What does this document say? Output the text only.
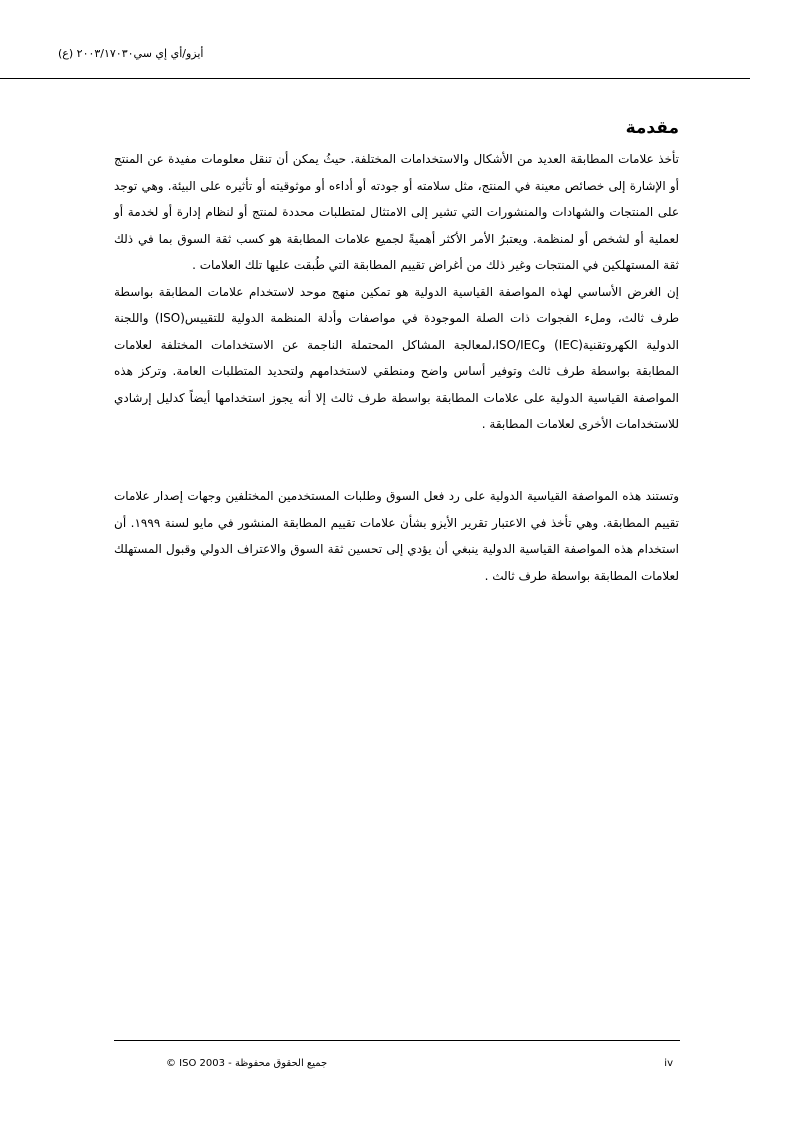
أيزو/أي إي سي٢٠٠٣/١٧٠٣٠ (ع)
مقدمة

تأخذ علامات المطابقة العديد من الأشكال والاستخدامات المختلفة. حيثُ يمكن أن تنقل معلومات مفيدة عن المنتج أو الإشارة إلى خصائص معينة في المنتج، مثل سلامته أو جودته أو أداءه أو موثوقيته أو تأثيره على البيئة. وهي توجد على المنتجات والشهادات والمنشورات التي تشير إلى الامتثال لمتطلبات محددة لمنتج أو لنظام إدارة أو لخدمة أو لعملية أو لشخص أو لمنظمة. ويعتبرُ الأمر الأكثر أهميةً لجميع علامات المطابقة هو كسب ثقة السوق بما في ذلك ثقة المستهلكين في المنتجات وغير ذلك من أغراض تقييم المطابقة التي طُبقت عليها تلك العلامات .

إن الغرض الأساسي لهذه المواصفة القياسية الدولية هو تمكين منهج موحد لاستخدام علامات المطابقة بواسطة طرف ثالث، وملء الفجوات ذات الصلة الموجودة في مواصفات وأدلة المنظمة الدولية للتقييس(ISO) واللجنة الدولية الكهروتقنية(IEC) وISO/IEC،لمعالجة المشاكل المحتملة الناجمة عن الاستخدامات المختلفة لعلامات المطابقة بواسطة طرف ثالث وتوفير أساس واضح ومنطقي لاستخدامهم ولتحديد المتطلبات العامة. وتركز هذه المواصفة القياسية الدولية على علامات المطابقة بواسطة طرف ثالث إلا أنه يجوز استخدامها أيضاً كدليل إرشادي للاستخدامات الأخرى لعلامات المطابقة .

وتستند هذه المواصفة القياسية الدولية على رد فعل السوق وطلبات المستخدمين المختلفين وجهات إصدار علامات تقييم المطابقة. وهي تأخذ في الاعتبار تقرير الأيزو بشأن علامات تقييم المطابقة المنشور في مايو لسنة ١٩٩٩. أن استخدام هذه المواصفة القياسية الدولية ينبغي أن يؤدي إلى تحسين ثقة السوق والاعتراف الدولي وقبول المستهلك لعلامات المطابقة بواسطة طرف ثالث .

© ISO 2003 - جميع الحقوق محفوظة	iv
